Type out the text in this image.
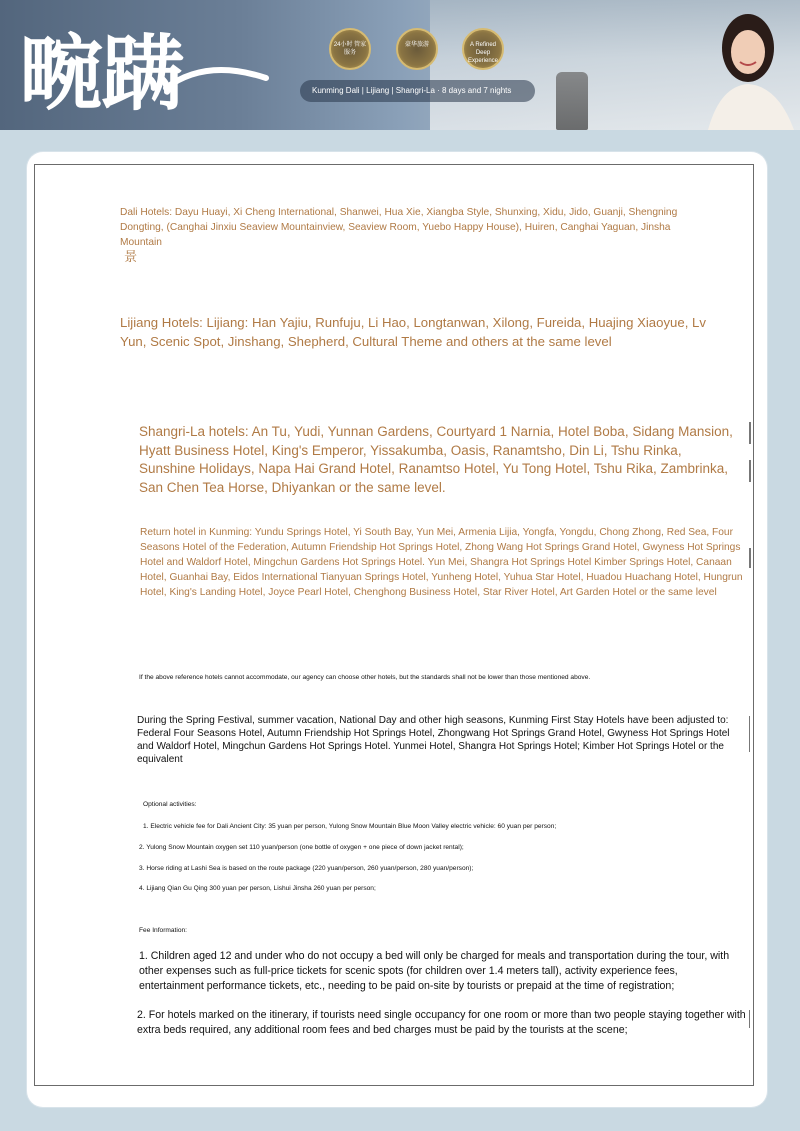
畹蹒	24小时 管家服务
豪华旅游	A Refined Deep Experience
Kunming Dali | Lijiang | Shangri-La · 8 days and 7 nights

Dali Hotels: Dayu Huayi, Xi Cheng International, Shanwei, Hua Xie, Xiangba Style, Shunxing, Xidu, Jido, Guanji, Shengning Dongting, (Canghai Jinxiu Seaview Mountainview, Seaview Room, Yuebo Happy House), Huiren, Canghai Yaguan, Jinsha Mountain

景

Lijiang Hotels: Lijiang: Han Yajiu, Runfuju, Li Hao, Longtanwan, Xilong, Fureida, Huajing Xiaoyue, Lv Yun, Scenic Spot, Jinshang, Shepherd, Cultural Theme and others at the same level

Shangri-La hotels: An Tu, Yudi, Yunnan Gardens, Courtyard 1 Narnia, Hotel Boba, Sidang Mansion, Hyatt Business Hotel, King's Emperor, Yissakumba, Oasis, Ranamtsho, Din Li, Tshu Rinka, Sunshine Holidays, Napa Hai Grand Hotel, Ranamtso Hotel, Yu Tong Hotel, Tshu Rika, Zambrinka, San Chen Tea Horse, Dhiyankan or the same level.

Return hotel in Kunming: Yundu Springs Hotel, Yi South Bay, Yun Mei, Armenia Lijia, Yongfa, Yongdu, Chong Zhong, Red Sea, Four Seasons Hotel of the Federation, Autumn Friendship Hot Springs Hotel, Zhong Wang Hot Springs Grand Hotel, Gwyness Hot Springs Hotel and Waldorf Hotel, Mingchun Gardens Hot Springs Hotel. Yun Mei, Shangra Hot Springs Hotel Kimber Springs Hotel, Canaan Hotel, Guanhai Bay, Eidos International Tianyuan Springs Hotel, Yunheng Hotel, Yuhua Star Hotel, Huadou Huachang Hotel, Hungrun Hotel, King's Landing Hotel, Joyce Pearl Hotel, Chenghong Business Hotel, Star River Hotel, Art Garden Hotel or the same level

If the above reference hotels cannot accommodate, our agency can choose other hotels, but the standards shall not be lower than those mentioned above.

During the Spring Festival, summer vacation, National Day and other high seasons, Kunming First Stay Hotels have been adjusted to: Federal Four Seasons Hotel, Autumn Friendship Hot Springs Hotel, Zhongwang Hot Springs Grand Hotel, Gwyness Hot Springs Hotel and Waldorf Hotel, Mingchun Gardens Hot Springs Hotel. Yunmei Hotel, Shangra Hot Springs Hotel; Kimber Hot Springs Hotel or the equivalent

Optional activities:

1. Electric vehicle fee for Dali Ancient City: 35 yuan per person, Yulong Snow Mountain Blue Moon Valley electric vehicle: 60 yuan per person;

2. Yulong Snow Mountain oxygen set 110 yuan/person (one bottle of oxygen + one piece of down jacket rental);

3. Horse riding at Lashi Sea is based on the route package (220 yuan/person, 260 yuan/person, 280 yuan/person);

4. Lijiang Qian Gu Qing 300 yuan per person, Lishui Jinsha 260 yuan per person;

Fee Information:

1. Children aged 12 and under who do not occupy a bed will only be charged for meals and transportation during the tour, with other expenses such as full-price tickets for scenic spots (for children over 1.4 meters tall), activity experience fees, entertainment performance tickets, etc., needing to be paid on-site by tourists or prepaid at the time of registration;

2. For hotels marked on the itinerary, if tourists need single occupancy for one room or more than two people staying together with extra beds required, any additional room fees and bed charges must be paid by the tourists at the scene;
